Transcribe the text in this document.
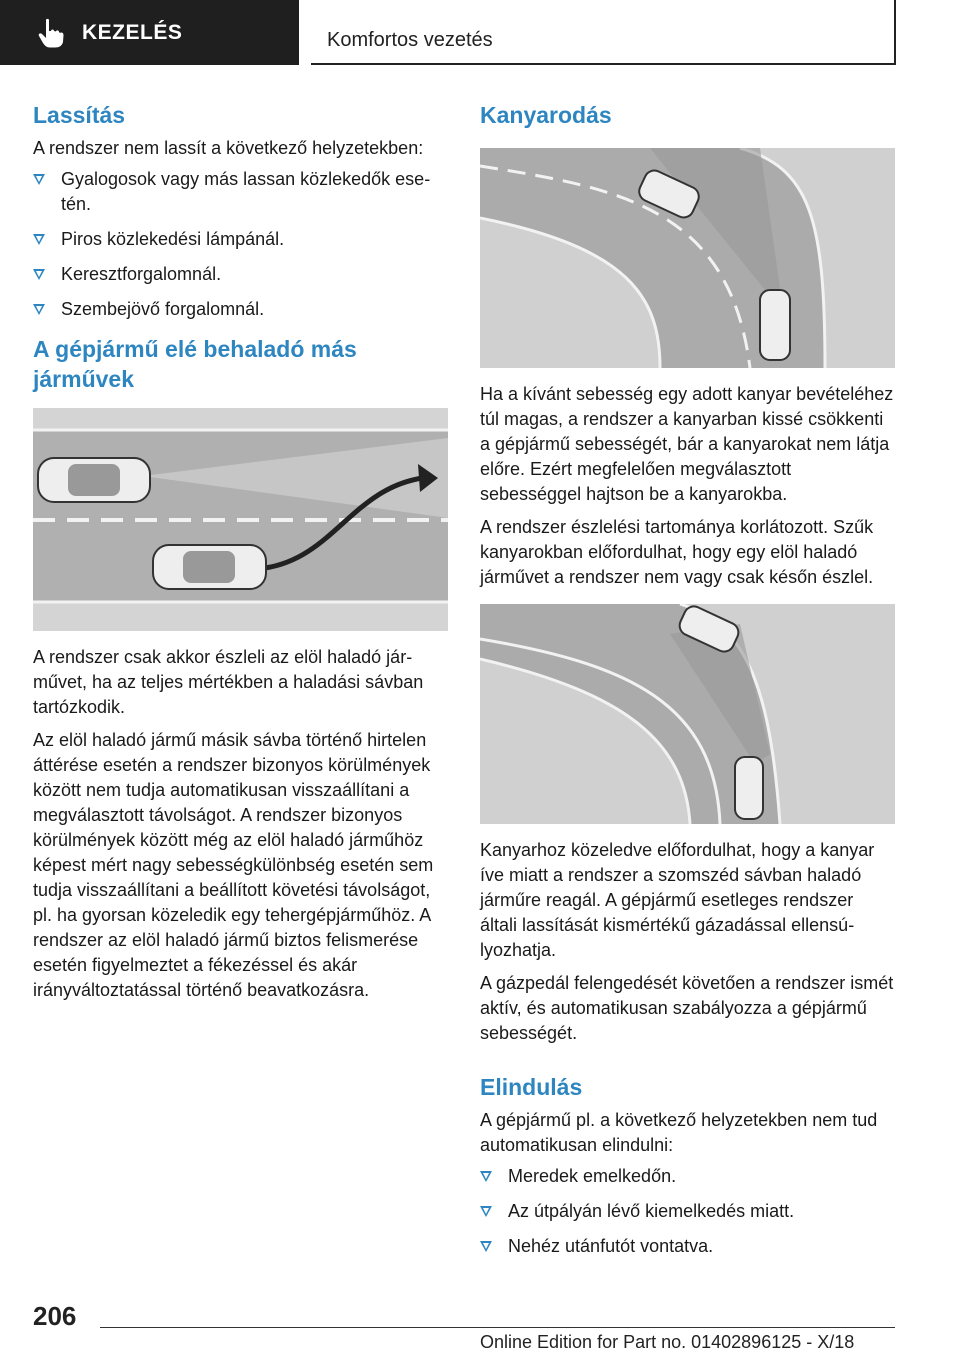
KEZELÉS	Komfortos vezetés
Lassítás

A rendszer nem lassít a következő helyzetekben:

Gyalogosok vagy más lassan közlekedők esetén.
Piros közlekedési lámpánál.
Keresztforgalomnál.
Szembejövő forgalomnál.
A gépjármű elé behaladó más járművek

A rendszer csak akkor észleli az elöl haladó járművet, ha az teljes mértékben a haladási sávban tartózkodik.

Az elöl haladó jármű másik sávba történő hirtelen áttérése esetén a rendszer bizonyos körülmények között nem tudja automatikusan visszaállítani a megválasztott távolságot. A rendszer bizonyos körülmények között még az elöl haladó járműhöz képest mért nagy sebességkülönbség esetén sem tudja visszaállítani a beállított követési távolságot, pl. ha gyorsan közeledik egy tehergépjárműhöz. A rendszer az elöl haladó jármű biztos felismerése esetén figyelmeztet a fékezéssel és akár irányváltoztatással történő beavatkozásra.

Kanyarodás

Ha a kívánt sebesség egy adott kanyar bevételéhez túl magas, a rendszer a kanyarban kissé csökkenti a gépjármű sebességét, bár a kanyarokat nem látja előre. Ezért megfelelően megválasztott sebességgel hajtson be a kanyarokba.

A rendszer észlelési tartománya korlátozott. Szűk kanyarokban előfordulhat, hogy egy elöl haladó járművet a rendszer nem vagy csak későn észlel.

Kanyarhoz közeledve előfordulhat, hogy a kanyar íve miatt a rendszer a szomszéd sávban haladó járműre reagál. A gépjármű esetleges rendszer általi lassítását kismértékű gázadással ellensúlyozhatja.

A gázpedál felengedését követően a rendszer ismét aktív, és automatikusan szabályozza a gépjármű sebességét.

Elindulás

A gépjármű pl. a következő helyzetekben nem tud automatikusan elindulni:

Meredek emelkedőn.
Az útpályán lévő kiemelkedés miatt.
Nehéz utánfutót vontatva.
206
Online Edition for Part no. 01402896125 - X/18
